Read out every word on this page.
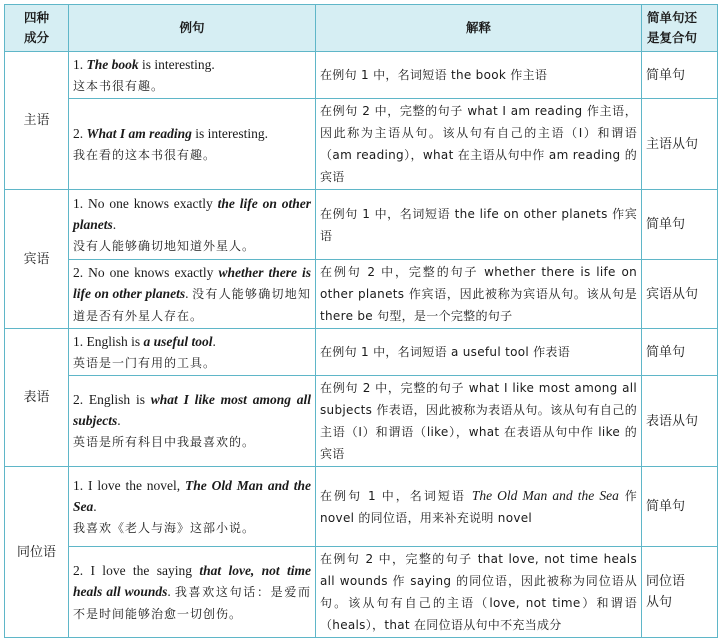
四种
成分	例句	解释	简单句还
是复合句
主语	1. The book is interesting.
这本书很有趣。	在例句 1 中，名词短语 the book 作主语	简单句

	2. What I am reading is interesting.
我在看的这本书很有趣。	在例句 2 中，完整的句子 what I am reading 作主语，因此称为主语从句。该从句有自己的主语（I）和谓语（am reading），what 在主语从句中作 am reading 的宾语	主语从句
宾语	1. No one knows exactly the life on other planets.
没有人能够确切地知道外星人。	在例句 1 中，名词短语 the life on other planets 作宾语	简单句

	2. No one knows exactly whether there is life on other planets. 没有人能够确切地知道是否有外星人存在。	在例句 2 中，完整的句子 whether there is life on other planets 作宾语，因此被称为宾语从句。该从句是 there be 句型，是一个完整的句子	宾语从句
表语	1. English is a useful tool.
英语是一门有用的工具。	在例句 1 中，名词短语 a useful tool 作表语	简单句

	2. English is what I like most among all subjects.
英语是所有科目中我最喜欢的。	在例句 2 中，完整的句子 what I like most among all subjects 作表语，因此被称为表语从句。该从句有自己的主语（I）和谓语（like），what 在表语从句中作 like 的宾语	表语从句
同位语	1. I love the novel, The Old Man and the Sea.
我喜欢《老人与海》这部小说。	在例句 1 中，名词短语 The Old Man and the Sea 作 novel 的同位语，用来补充说明 novel	简单句

	2. I love the saying that love, not time heals all wounds. 我喜欢这句话：是爱而不是时间能够治愈一切创伤。	在例句 2 中，完整的句子 that love, not time heals all wounds 作 saying 的同位语，因此被称为同位语从句。该从句有自己的主语（love, not time）和谓语（heals），that 在同位语从句中不充当成分	同位语
从句
